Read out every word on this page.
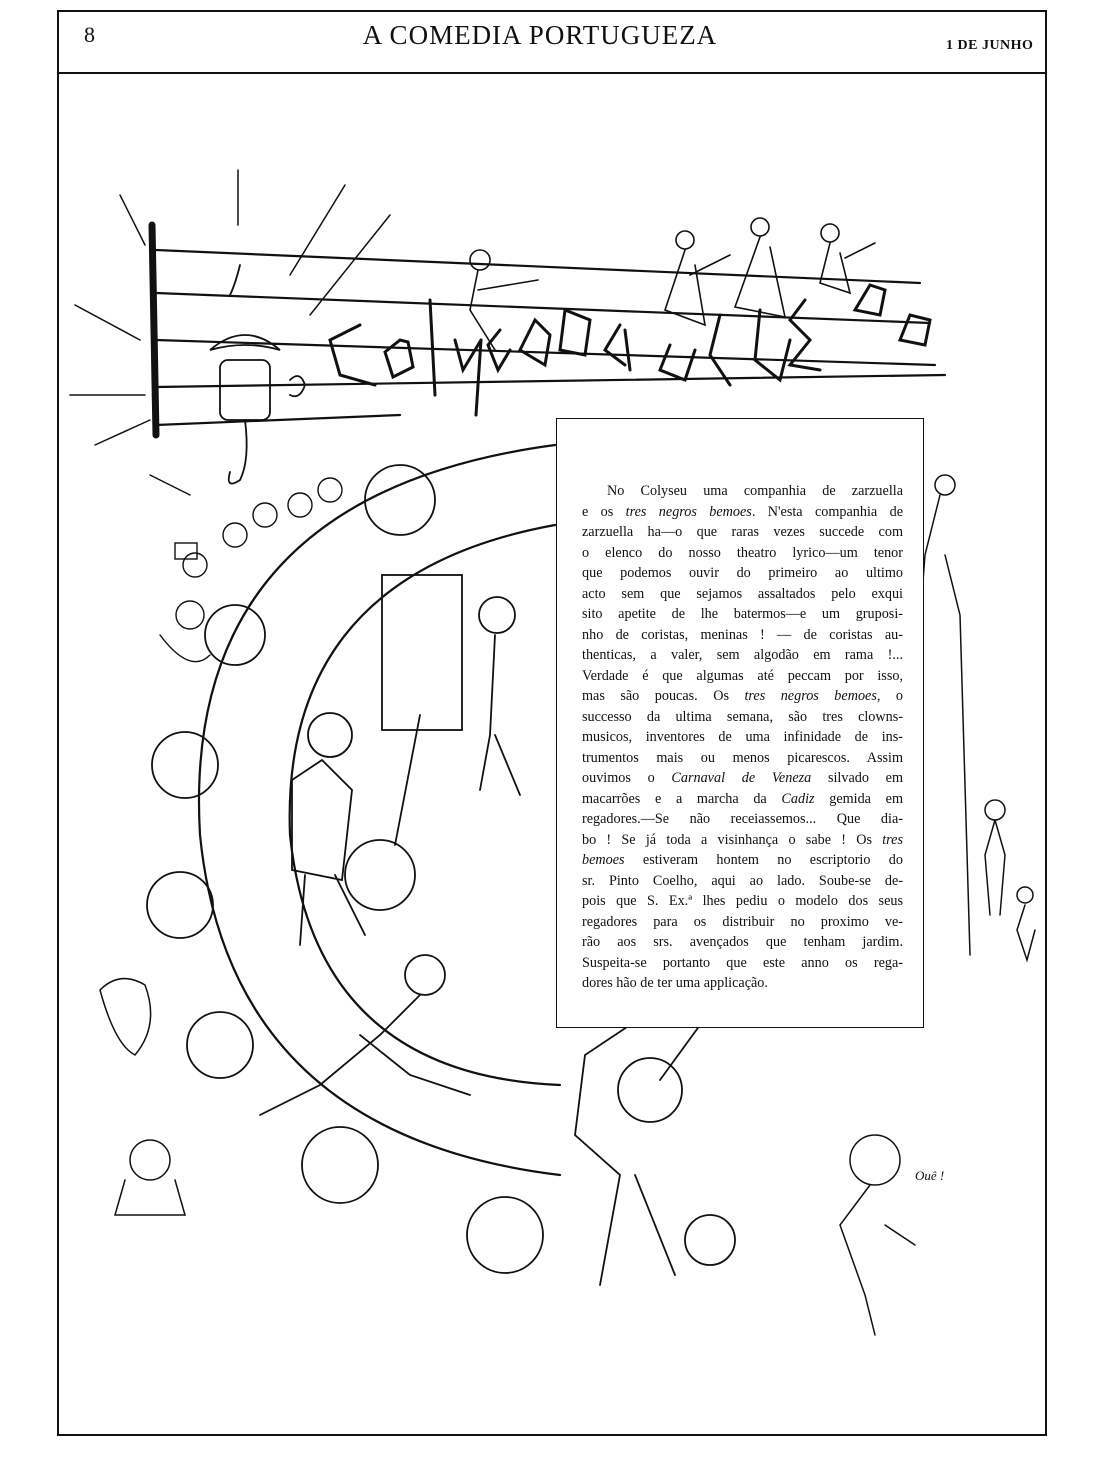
8	A COMEDIA PORTUGUEZA	1 DE JUNHO
Ouê !
No Colyseu uma companhia de zarzuella
e os tres negros bemoes. N'esta companhia de
zarzuella ha—o que raras vezes succede com
o elenco do nosso theatro lyrico—um tenor
que podemos ouvir do primeiro ao ultimo
acto sem que sejamos assaltados pelo exqui
sito apetite de lhe batermos—e um gruposi-
nho de coristas, meninas ! — de coristas au-
thenticas, a valer, sem algodão em rama !...
Verdade é que algumas até peccam por isso,
mas são poucas. Os tres negros bemoes, o
successo da ultima semana, são tres clowns-
musicos, inventores de uma infinidade de ins-
trumentos mais ou menos picarescos. Assim
ouvimos o Carnaval de Veneza silvado em
macarrões e a marcha da Cadiz gemida em
regadores.—Se não receiassemos... Que dia-
bo ! Se já toda a visinhança o sabe ! Os tres
bemoes estiveram hontem no escriptorio do
sr. Pinto Coelho, aqui ao lado. Soube-se de-
pois que S. Ex.ª lhes pediu o modelo dos seus
regadores para os distribuir no proximo ve-
rão aos srs. avençados que tenham jardim.
Suspeita-se portanto que este anno os rega-
dores hão de ter uma applicação.
